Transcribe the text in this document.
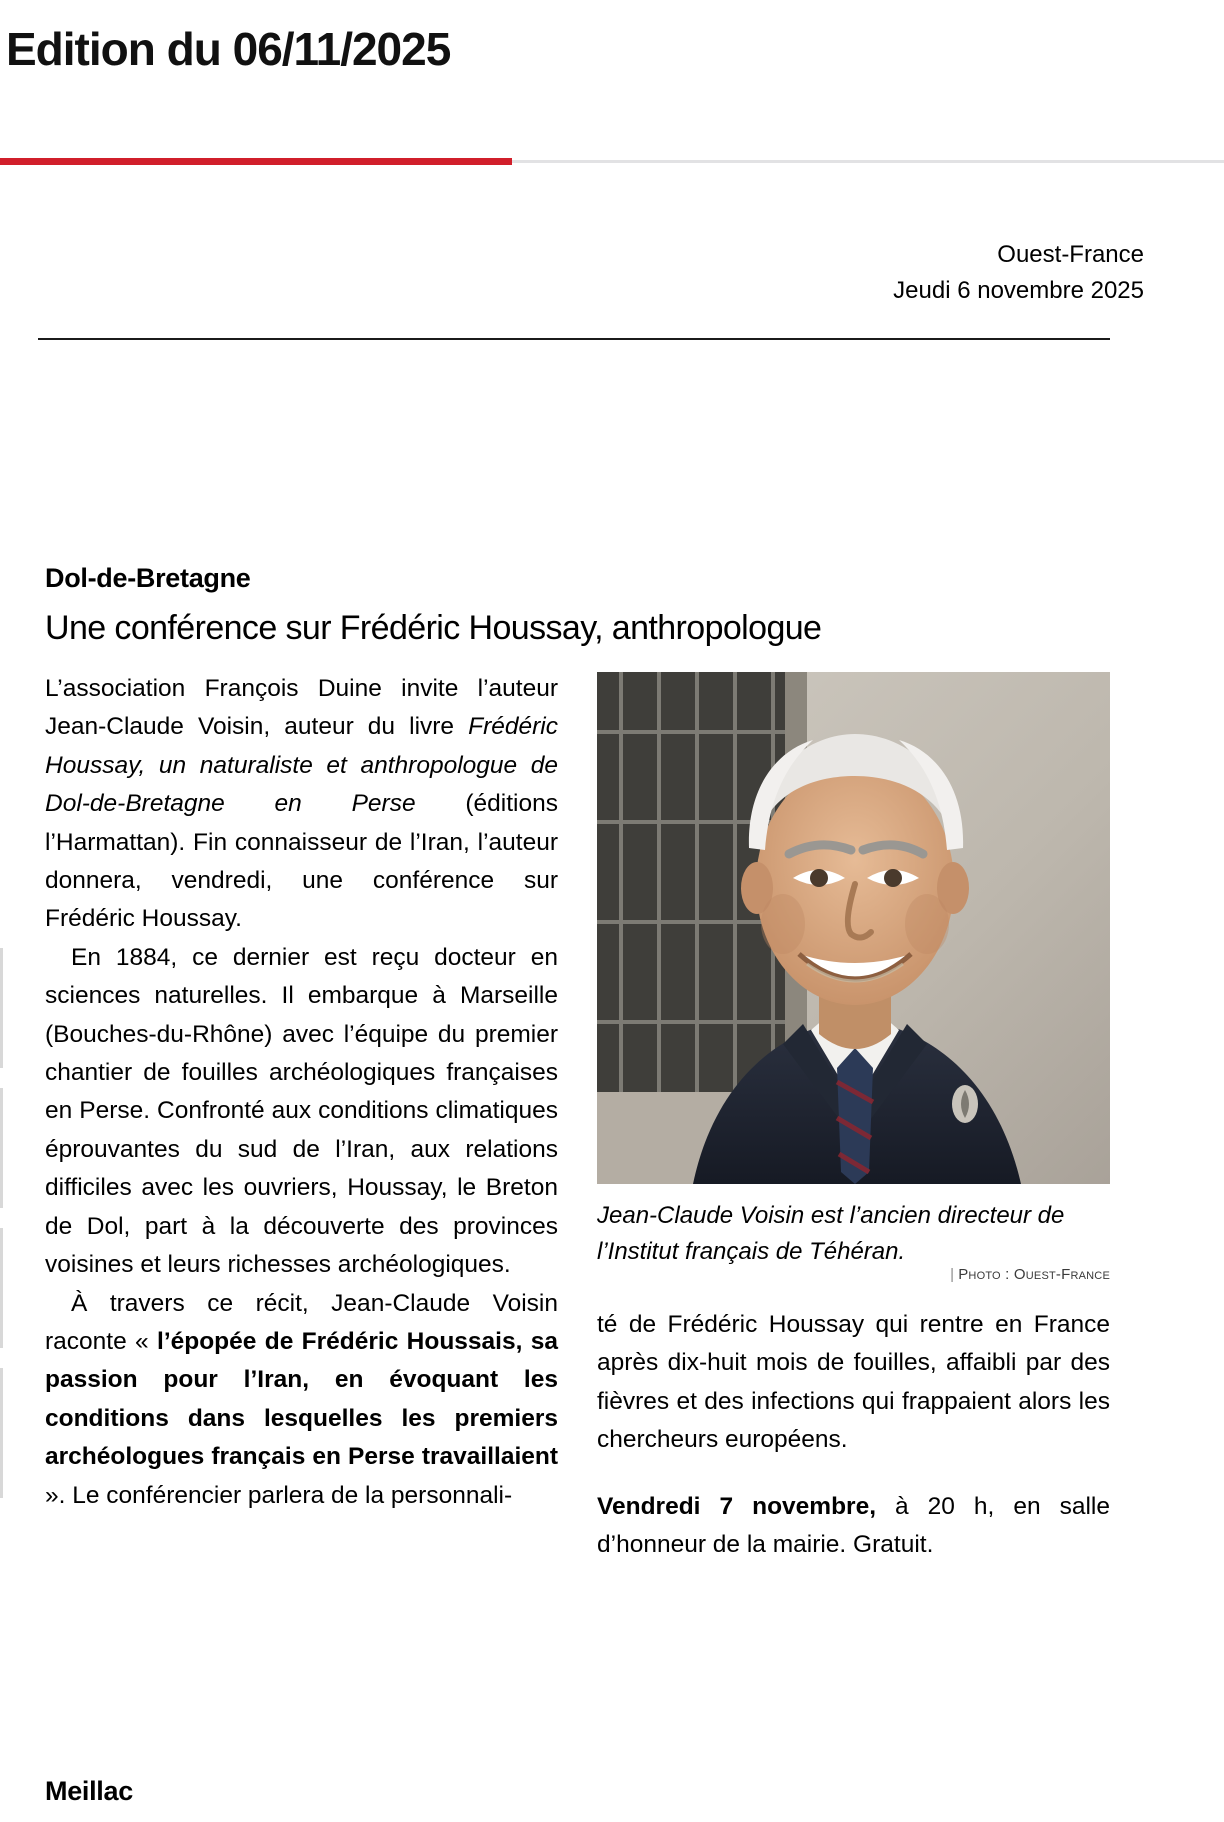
Edition du 06/11/2025
Ouest-France
Jeudi 6 novembre 2025
Dol-de-Bretagne
Une conférence sur Frédéric Houssay, anthropologue

L’association François Duine invite l’auteur Jean-Claude Voisin, auteur du livre Frédéric Houssay, un naturaliste et anthropologue de Dol-de-Bretagne en Perse (éditions l’Harmattan). Fin connaisseur de l’Iran, l’auteur donnera, vendredi, une conférence sur Frédéric Houssay.

En 1884, ce dernier est reçu docteur en sciences naturelles. Il embarque à Marseille (Bouches-du-Rhône) avec l’équipe du premier chantier de fouilles archéologiques françaises en Perse. Confronté aux conditions climatiques éprouvantes du sud de l’Iran, aux relations difficiles avec les ouvriers, Houssay, le Breton de Dol, part à la découverte des provinces voisines et leurs richesses archéologiques.

À travers ce récit, Jean-Claude Voisin raconte « l’épopée de Frédéric Houssais, sa passion pour l’Iran, en évoquant les conditions dans lesquelles les premiers archéologues français en Perse travaillaient ». Le conférencier parlera de la personnali-

Jean-Claude Voisin est l’ancien directeur de l’Institut français de Téhéran.
| Photo : Ouest-France

té de Frédéric Houssay qui rentre en France après dix-huit mois de fouilles, affaibli par des fièvres et des infections qui frappaient alors les chercheurs européens.

Vendredi 7 novembre, à 20 h, en salle d’honneur de la mairie. Gratuit.

Meillac
